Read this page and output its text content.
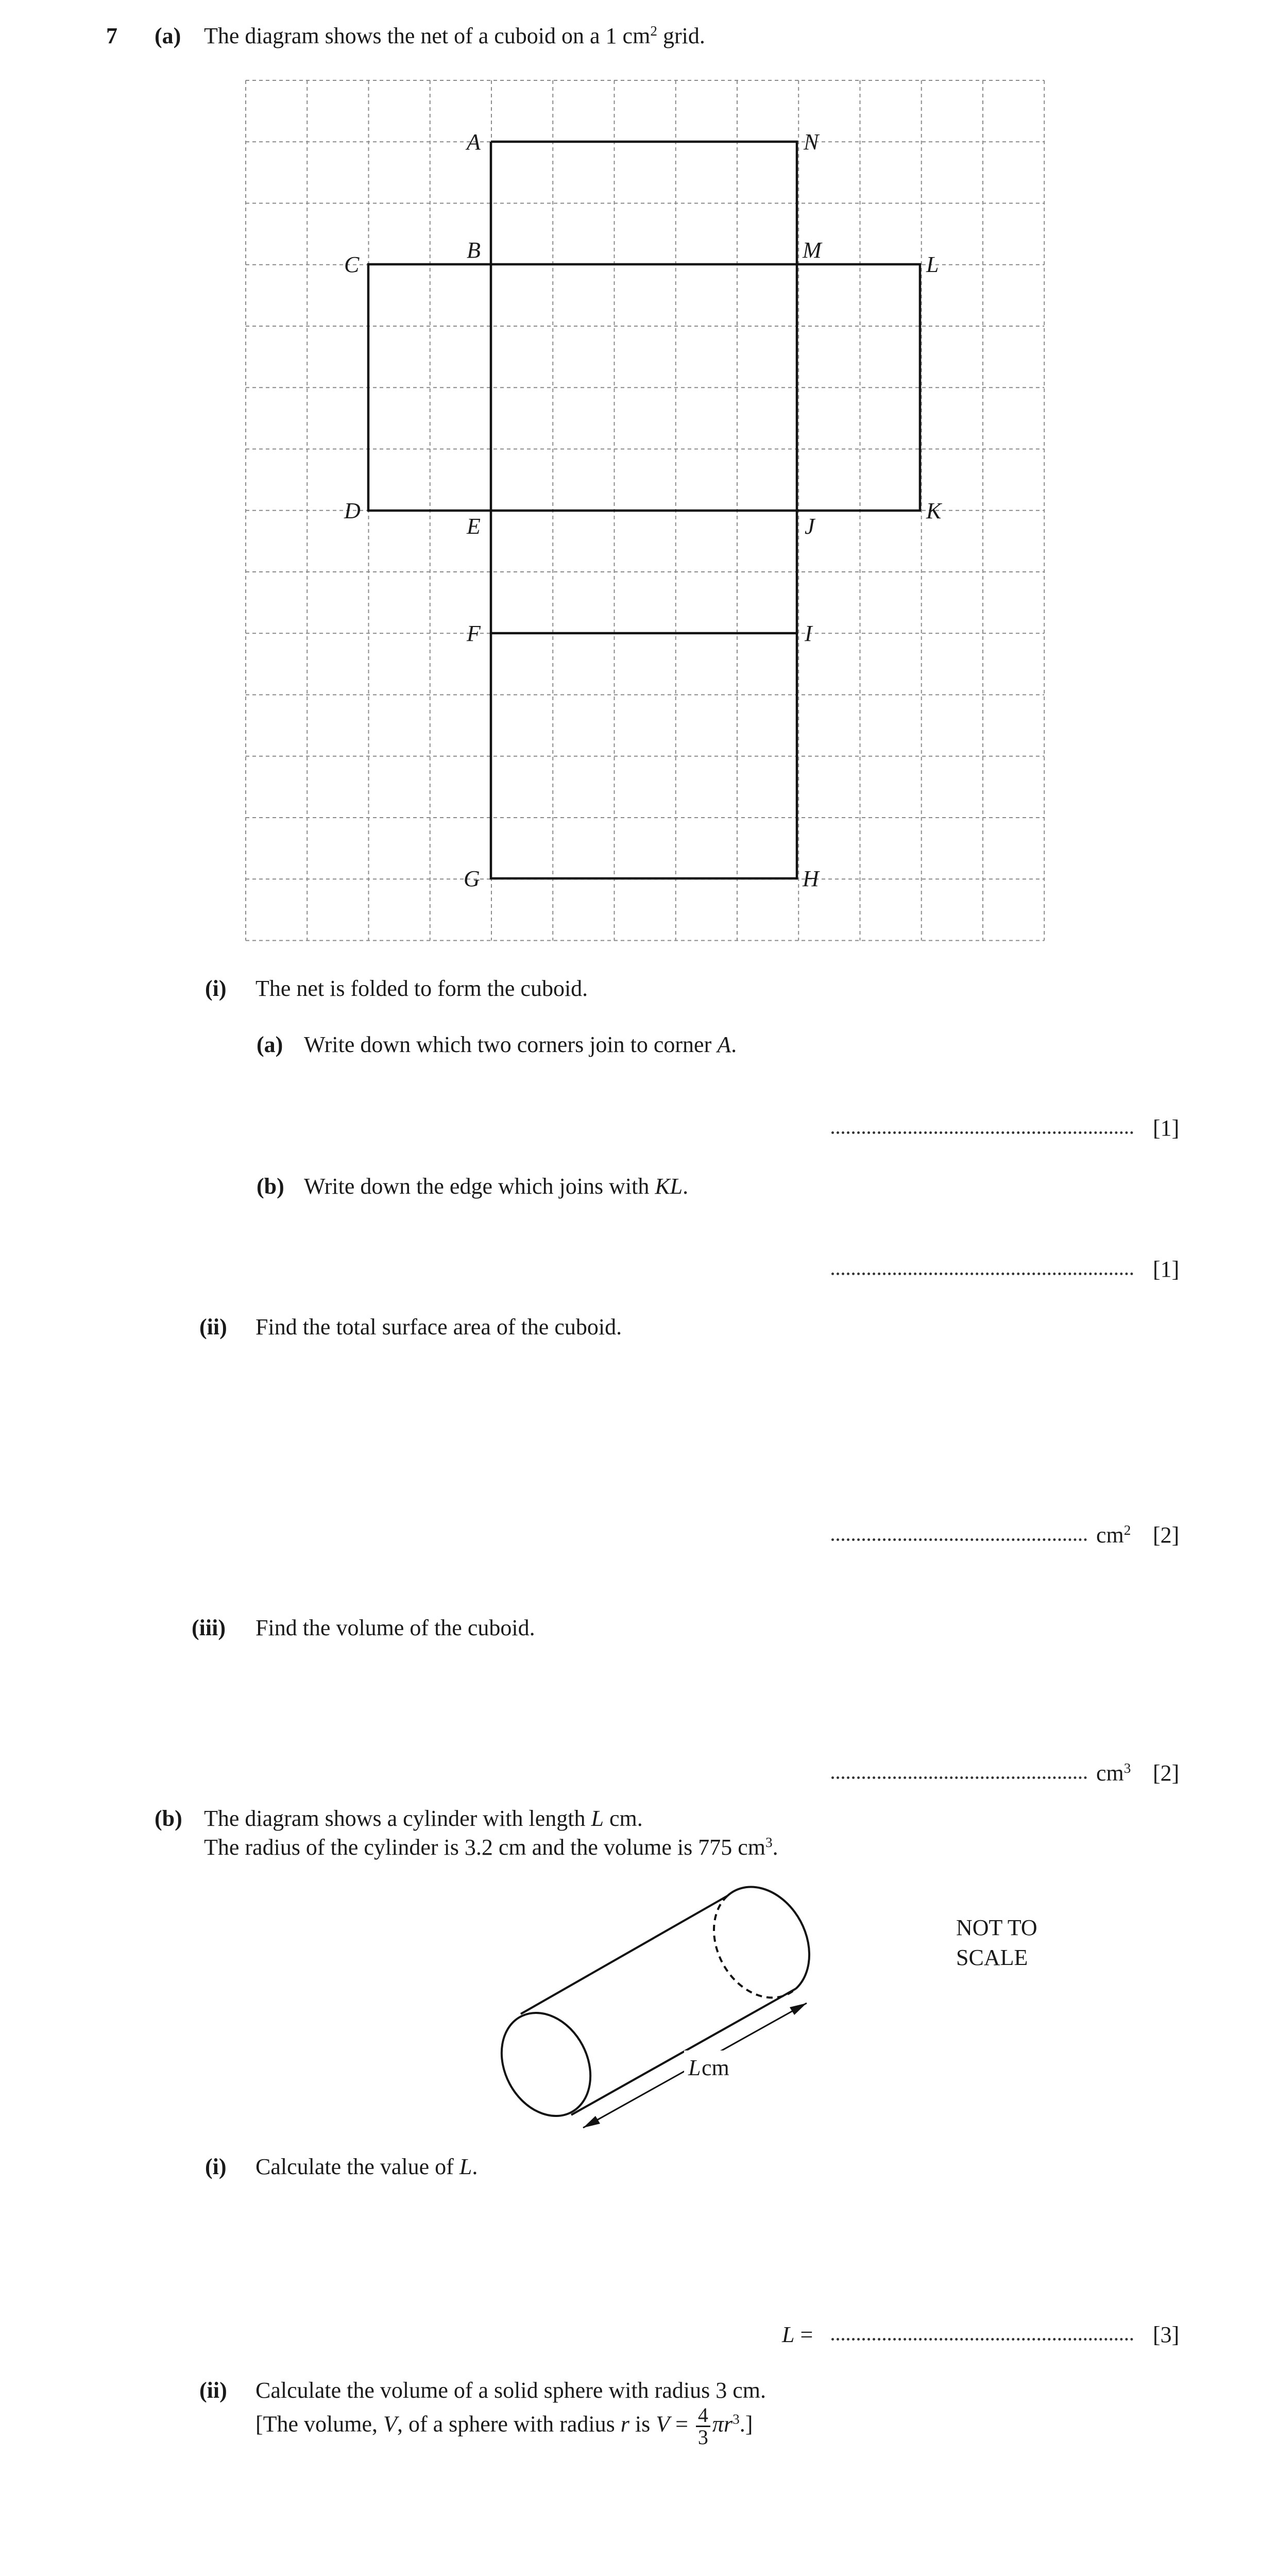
7 (a) The diagram shows the net of a cuboid on a 1 $cm^2$ grid.
A	N
B	M
C	L
D
E	J
K
F	I
G	H
(i) The net is folded to form the cuboid.
(a) Write down which two corners join to corner A.
[1]
(b) Write down the edge which joins with KL.
[1]
(ii) Find the total surface area of the cuboid.
$cm^2$ [2]
(iii) Find the volume of the cuboid.
$cm^3$ [2]
(b) The diagram shows a cylinder with length L cm.
The radius of the cylinder is 3.2 cm and the volume is 775 $cm^3$.
L cm
NOT TO
SCALE
(i) Calculate the value of L.
L =	[3]
(ii) Calculate the volume of a solid sphere with radius 3 cm.
[The volume, V, of a sphere with radius r is $V = \frac{4}{3} \pi r^3$.]
